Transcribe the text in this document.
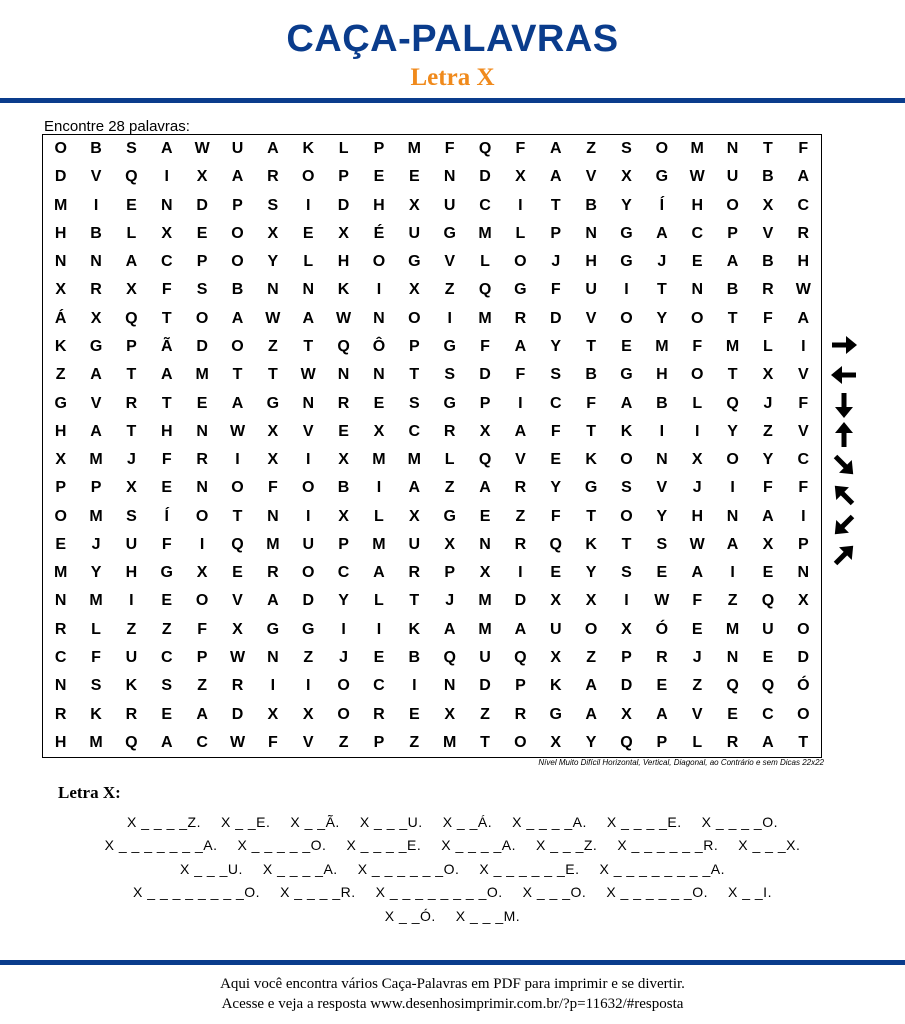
CAÇA-PALAVRAS
Letra X
Encontre 28 palavras:
O	B	S	A	W	U	A	K	L	P	M	F	Q	F	A	Z	S	O	M	N	T	F
D	V	Q	I	X	A	R	O	P	E	E	N	D	X	A	V	X	G	W	U	B	A
M	I	E	N	D	P	S	I	D	H	X	U	C	I	T	B	Y	Í	H	O	X	C
H	B	L	X	E	O	X	E	X	É	U	G	M	L	P	N	G	A	C	P	V	R
N	N	A	C	P	O	Y	L	H	O	G	V	L	O	J	H	G	J	E	A	B	H
X	R	X	F	S	B	N	N	K	I	X	Z	Q	G	F	U	I	T	N	B	R	W
Á	X	Q	T	O	A	W	A	W	N	O	I	M	R	D	V	O	Y	O	T	F	A
K	G	P	Ã	D	O	Z	T	Q	Ô	P	G	F	A	Y	T	E	M	F	M	L	I
Z	A	T	A	M	T	T	W	N	N	T	S	D	F	S	B	G	H	O	T	X	V
G	V	R	T	E	A	G	N	R	E	S	G	P	I	C	F	A	B	L	Q	J	F
H	A	T	H	N	W	X	V	E	X	C	R	X	A	F	T	K	I	I	Y	Z	V
X	M	J	F	R	I	X	I	X	M	M	L	Q	V	E	K	O	N	X	O	Y	C
P	P	X	E	N	O	F	O	B	I	A	Z	A	R	Y	G	S	V	J	I	F	F
O	M	S	Í	O	T	N	I	X	L	X	G	E	Z	F	T	O	Y	H	N	A	I
E	J	U	F	I	Q	M	U	P	M	U	X	N	R	Q	K	T	S	W	A	X	P
M	Y	H	G	X	E	R	O	C	A	R	P	X	I	E	Y	S	E	A	I	E	N
N	M	I	E	O	V	A	D	Y	L	T	J	M	D	X	X	I	W	F	Z	Q	X
R	L	Z	Z	F	X	G	G	I	I	K	A	M	A	U	O	X	Ó	E	M	U	O
C	F	U	C	P	W	N	Z	J	E	B	Q	U	Q	X	Z	P	R	J	N	E	D
N	S	K	S	Z	R	I	I	O	C	I	N	D	P	K	A	D	E	Z	Q	Q	Ó
R	K	R	E	A	D	X	X	O	R	E	X	Z	R	G	A	X	A	V	E	C	O
H	M	Q	A	C	W	F	V	Z	P	Z	M	T	O	X	Y	Q	P	L	R	A	T
Nível Muito Difícil Horizontal, Vertical, Diagonal, ao Contrário e sem Dicas 22x22
Letra X:
X _ _ _ _Z. X _ _E. X _ _Ã. X _ _ _U. X _ _Á. X _ _ _ _A. X _ _ _ _E. X _ _ _ _O.
X _ _ _ _ _ _ _A. X _ _ _ _ _O. X _ _ _ _E. X _ _ _ _A. X _ _ _Z. X _ _ _ _ _ _R. X _ _ _X.
X _ _ _U. X _ _ _ _A. X _ _ _ _ _ _O. X _ _ _ _ _ _E. X _ _ _ _ _ _ _ _A.
X _ _ _ _ _ _ _ _O. X _ _ _ _R. X _ _ _ _ _ _ _ _O. X _ _ _O. X _ _ _ _ _ _O. X _ _I.
X _ _Ó. X _ _ _M.
Aqui você encontra vários Caça-Palavras em PDF para imprimir e se divertir.
Acesse e veja a resposta www.desenhosimprimir.com.br/?p=11632/#resposta
